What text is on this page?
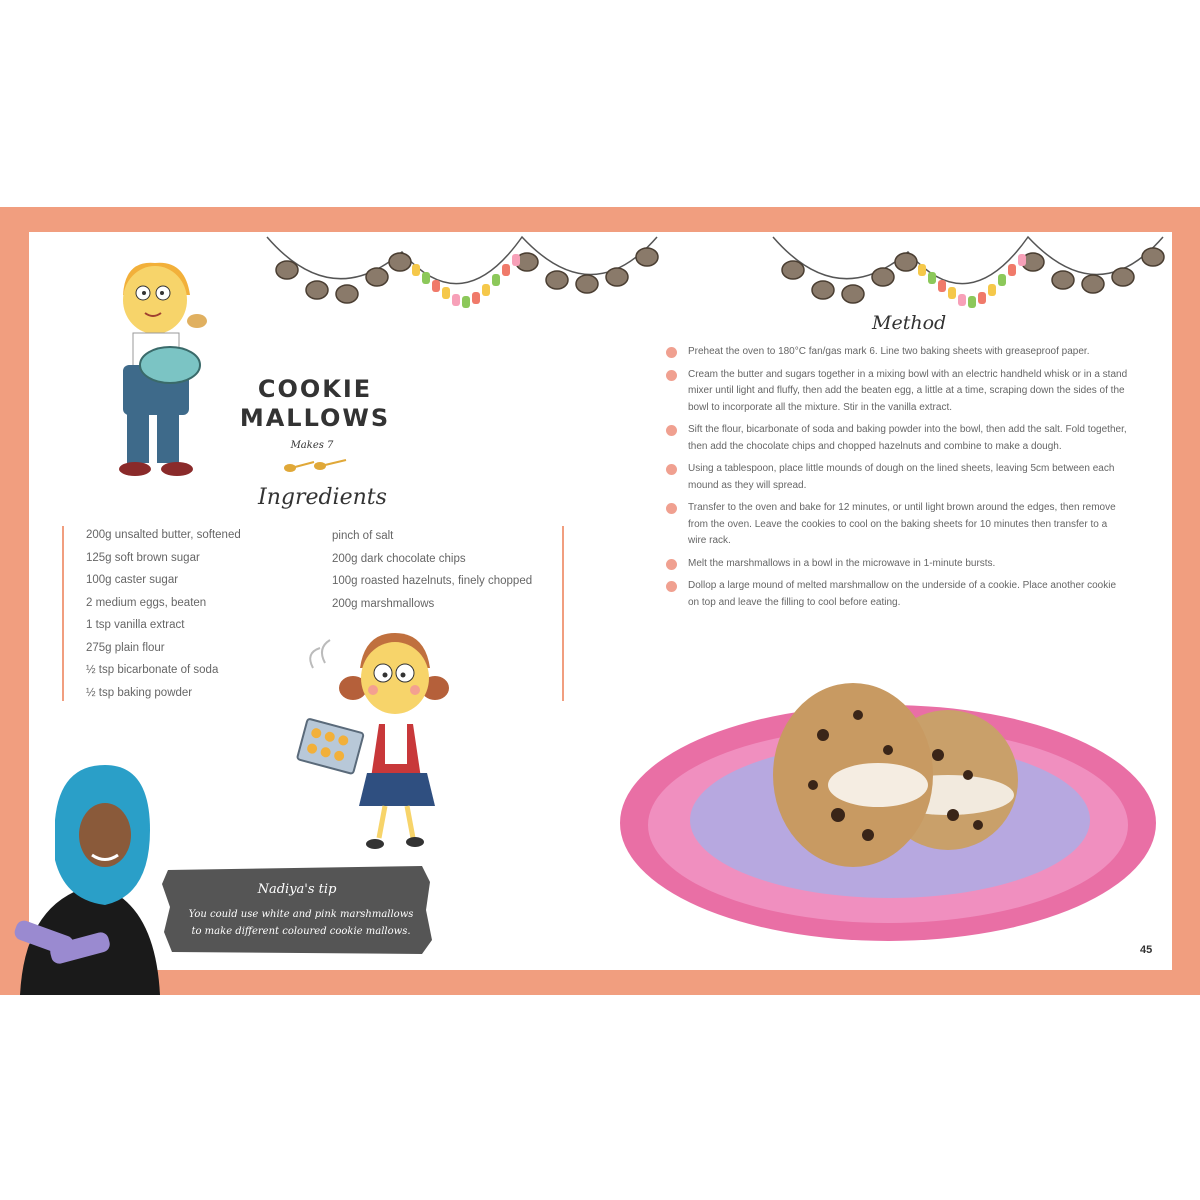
COOKIE
MALLOWS
Makes 7
Ingredients
200g unsalted butter, softened
125g soft brown sugar
100g caster sugar
2 medium eggs, beaten
1 tsp vanilla extract
275g plain flour
½ tsp bicarbonate of soda
½ tsp baking powder
pinch of salt
200g dark chocolate chips
100g roasted hazelnuts, finely chopped
200g marshmallows
Method
Preheat the oven to 180°C fan/gas mark 6. Line two baking sheets with greaseproof paper.
Cream the butter and sugars together in a mixing bowl with an electric handheld whisk or in a stand mixer until light and fluffy, then add the beaten egg, a little at a time, scraping down the sides of the bowl to incorporate all the mixture. Stir in the vanilla extract.
Sift the flour, bicarbonate of soda and baking powder into the bowl, then add the salt. Fold together, then add the chocolate chips and chopped hazelnuts and combine to make a dough.
Using a tablespoon, place little mounds of dough on the lined sheets, leaving 5cm between each mound as they will spread.
Transfer to the oven and bake for 12 minutes, or until light brown around the edges, then remove from the oven. Leave the cookies to cool on the baking sheets for 10 minutes then transfer to a wire rack.
Melt the marshmallows in a bowl in the microwave in 1-minute bursts.
Dollop a large mound of melted marshmallow on the underside of a cookie. Place another cookie on top and leave the filling to cool before eating.
Nadiya's tip
You could use white and pink marshmallows to make different coloured cookie mallows.
45
